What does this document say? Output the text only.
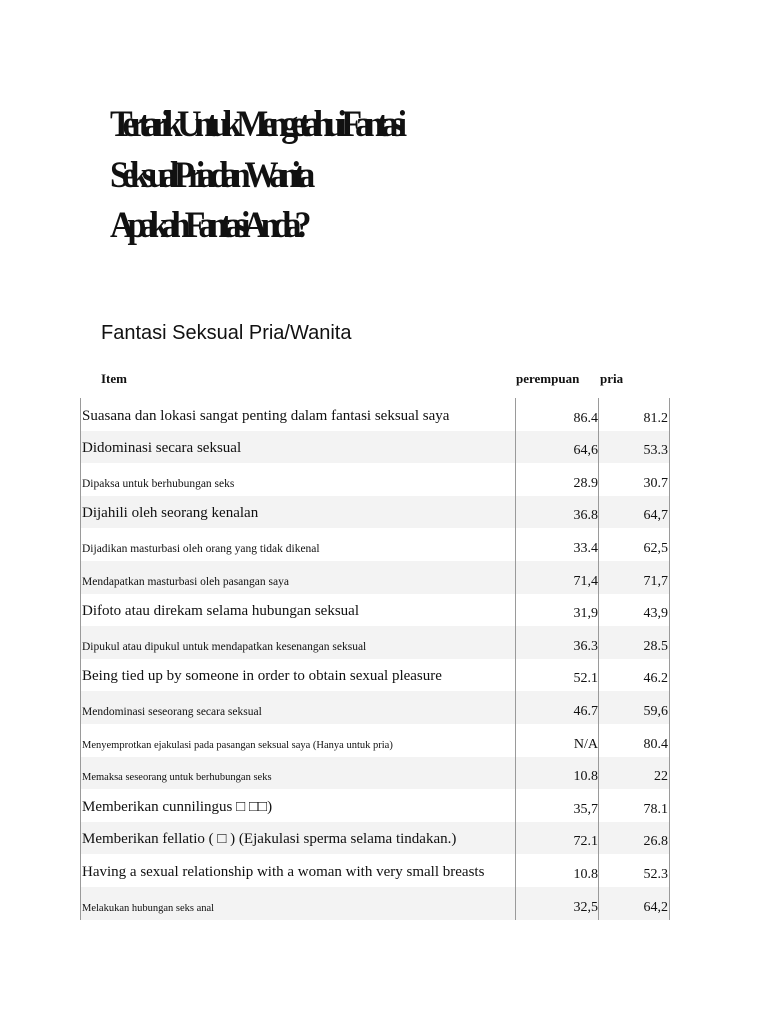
Tertarik Untuk Mengetahui Fantasi
Seksual Pria dan Wanita
Apakah Fantasi Anda?
Fantasi Seksual Pria/Wanita
Item	perempuan pria
Suasana dan lokasi sangat penting dalam fantasi seksual saya	86.4	81.2
Didominasi secara seksual	64,6	53.3
Dipaksa untuk berhubungan seks	28.9	30.7
Dijahili oleh seorang kenalan	36.8	64,7
Dijadikan masturbasi oleh orang yang tidak dikenal	33.4	62,5
Mendapatkan masturbasi oleh pasangan saya	71,4	71,7
Difoto atau direkam selama hubungan seksual	31,9	43,9
Dipukul atau dipukul untuk mendapatkan kesenangan seksual	36.3	28.5
Being tied up by someone in order to obtain sexual pleasure	52.1	46.2
Mendominasi seseorang secara seksual	46.7	59,6
Menyemprotkan ejakulasi pada pasangan seksual saya (Hanya untuk pria)	N/A	80.4
Memaksa seseorang untuk berhubungan seks	10.8	22
Memberikan cunnilingus □ □□)	35,7	78.1
Memberikan fellatio ( □ ) (Ejakulasi sperma selama tindakan.)	72.1	26.8
Having a sexual relationship with a woman with very small breasts	10.8	52.3
Melakukan hubungan seks anal	32,5	64,2
